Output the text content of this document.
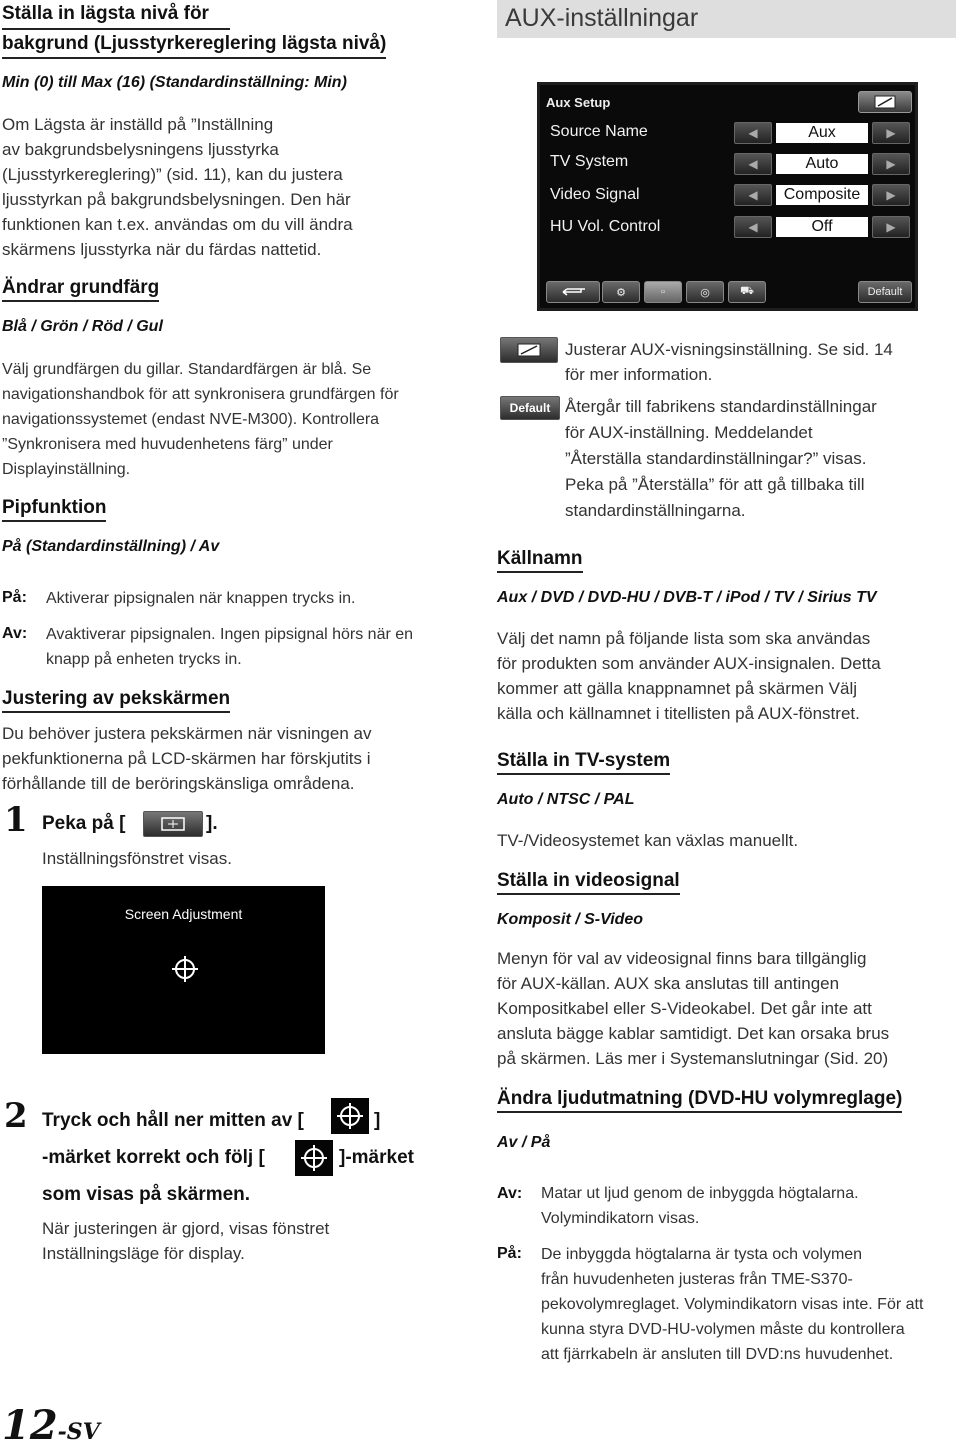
Ställa in lägsta nivå för
bakgrund (Ljusstyrkereglering lägsta nivå)
Min (0) till Max (16) (Standardinställning: Min)
Om Lägsta är inställd på ”Inställning
av bakgrundsbelysningens ljusstyrka
(Ljusstyrkereglering)” (sid. 11), kan du justera
ljusstyrkan på bakgrundsbelysningen. Den här
funktionen kan t.ex. användas om du vill ändra
skärmens ljusstyrka när du färdas nattetid.
Ändrar grundfärg
Blå / Grön / Röd / Gul
Välj grundfärgen du gillar. Standardfärgen är blå. Se
navigationshandbok för att synkronisera grundfärgen för
navigationssystemet (endast NVE-M300). Kontrollera
”Synkronisera med huvudenhetens färg” under
Displayinställning.
Pipfunktion
På (Standardinställning) / Av
På: Aktiverar pipsignalen när knappen trycks in.
Av: Avaktiverar pipsignalen. Ingen pipsignal hörs när en
knapp på enheten trycks in.
Justering av pekskärmen
Du behöver justera pekskärmen när visningen av
pekfunktionerna på LCD-skärmen har förskjutits i
förhållande till de beröringskänsliga områdena.
1 Peka på [	].
Inställningsfönstret visas.
Screen Adjustment
2 Tryck och håll ner mitten av [	]
-märket korrekt och följ [	]-märket
som visas på skärmen.
När justeringen är gjord, visas fönstret
Inställningsläge för display.
12-SV
AUX-inställningar
Aux Setup
Source Name	◀	Aux	▶
TV System	◀	Auto	▶
Video Signal	◀	Composite	▶
HU Vol. Control	◀	Off	▶
⚙	▫	◎	⛟	Default
Justerar AUX-visningsinställning. Se sid. 14
för mer information.
Default Återgår till fabrikens standardinställningar
för AUX-inställning. Meddelandet
”Återställa standardinställningar?” visas.
Peka på ”Återställa” för att gå tillbaka till
standardinställningarna.
Källnamn
Aux / DVD / DVD-HU / DVB-T / iPod / TV / Sirius TV
Välj det namn på följande lista som ska användas
för produkten som använder AUX-insignalen. Detta
kommer att gälla knappnamnet på skärmen Välj
källa och källnamnet i titellisten på AUX-fönstret.
Ställa in TV-system
Auto / NTSC / PAL
TV-/Videosystemet kan växlas manuellt.
Ställa in videosignal
Komposit / S-Video
Menyn för val av videosignal finns bara tillgänglig
för AUX-källan. AUX ska anslutas till antingen
Kompositkabel eller S-Videokabel. Det går inte att
ansluta bägge kablar samtidigt. Det kan orsaka brus
på skärmen. Läs mer i Systemanslutningar (Sid. 20)
Ändra ljudutmatning (DVD-HU volymreglage)
Av / På
Av: Matar ut ljud genom de inbyggda högtalarna.
Volymindikatorn visas.
På: De inbyggda högtalarna är tysta och volymen
från huvudenheten justeras från TME-S370-
pekovolymreglaget. Volymindikatorn visas inte. För att
kunna styra DVD-HU-volymen måste du kontrollera
att fjärrkabeln är ansluten till DVD:ns huvudenhet.
